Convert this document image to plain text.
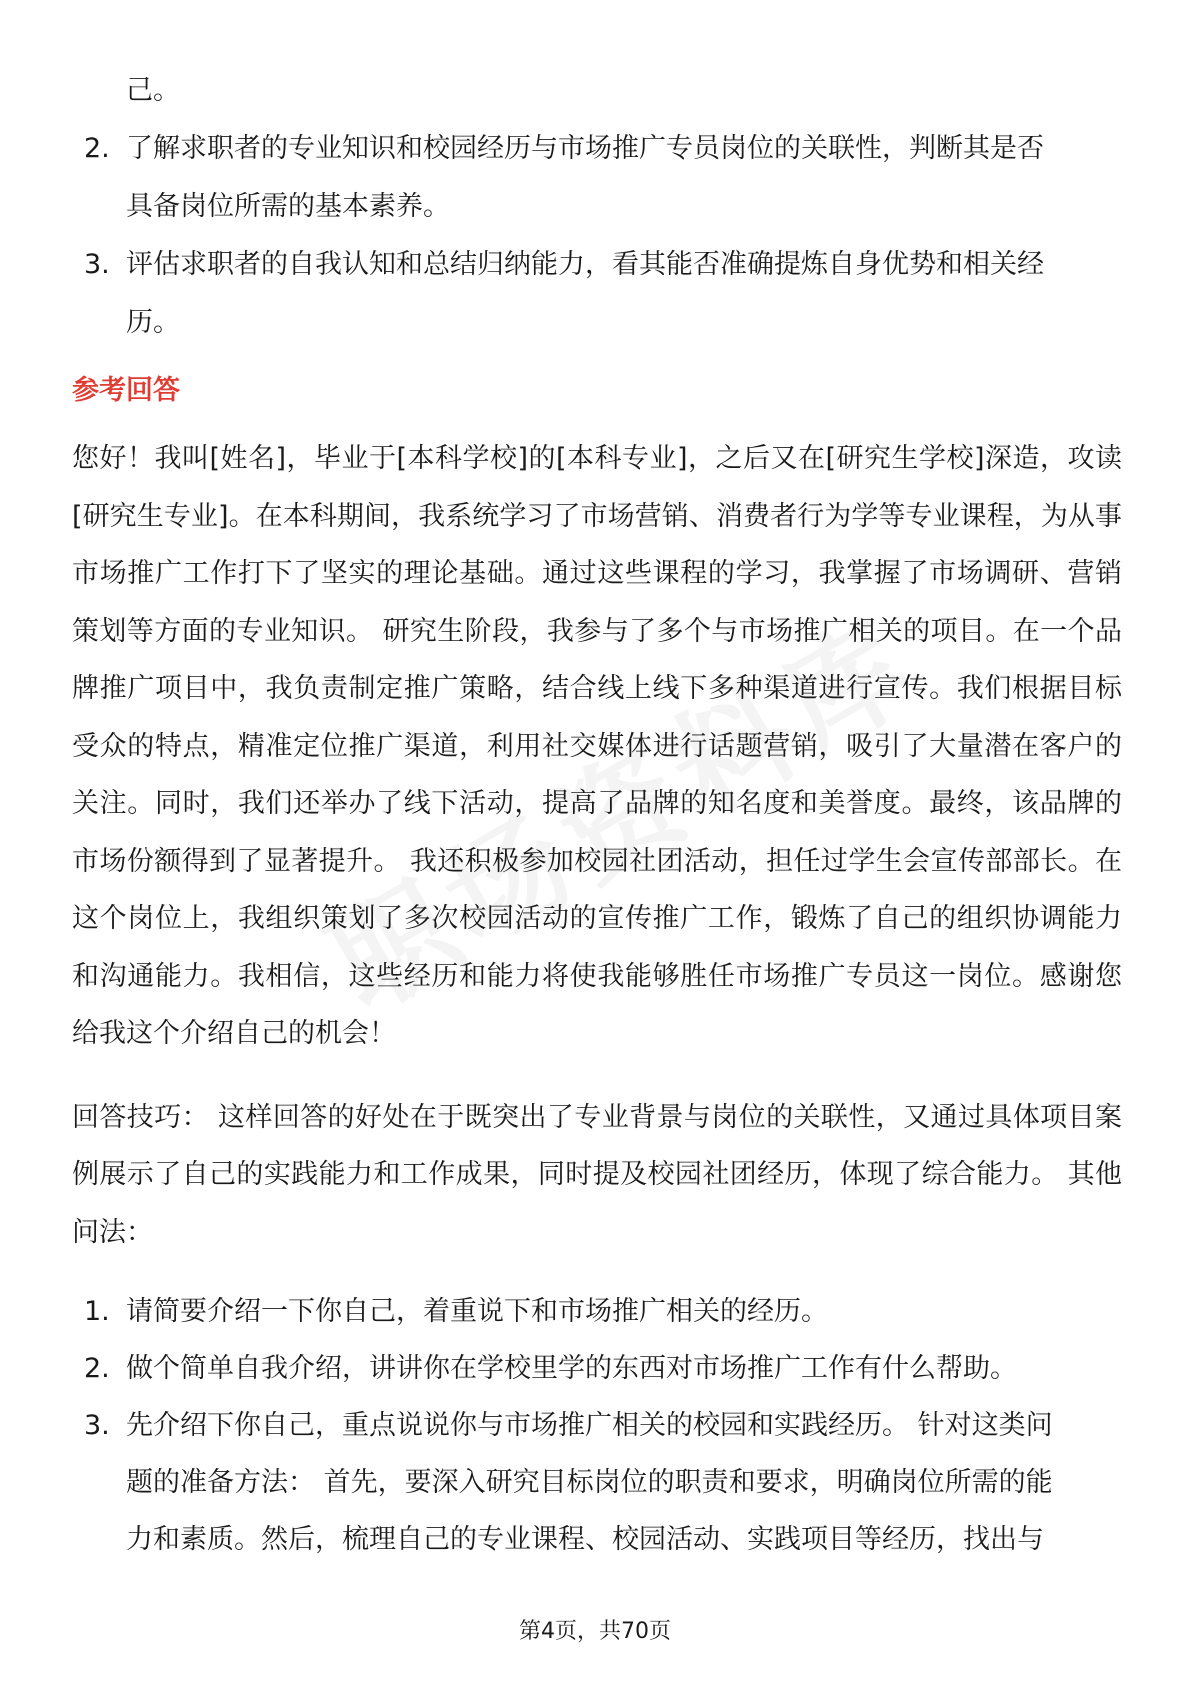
己。
2. 了解求职者的专业知识和校园经历与市场推广专员岗位的关联性，判断其是否
具备岗位所需的基本素养。
3. 评估求职者的自我认知和总结归纳能力，看其能否准确提炼自身优势和相关经
历。
参考回答

您好！我叫[姓名]，毕业于[本科学校]的[本科专业]，之后又在[研究生学校]深造，攻读[研究生专业]。在本科期间，我系统学习了市场营销、消费者行为学等专业课程，为从事市场推广工作打下了坚实的理论基础。通过这些课程的学习，我掌握了市场调研、营销策划等方面的专业知识。 研究生阶段，我参与了多个与市场推广相关的项目。在一个品牌推广项目中，我负责制定推广策略，结合线上线下多种渠道进行宣传。我们根据目标受众的特点，精准定位推广渠道，利用社交媒体进行话题营销，吸引了大量潜在客户的关注。同时，我们还举办了线下活动，提高了品牌的知名度和美誉度。最终，该品牌的市场份额得到了显著提升。 我还积极参加校园社团活动，担任过学生会宣传部部长。在这个岗位上，我组织策划了多次校园活动的宣传推广工作，锻炼了自己的组织协调能力和沟通能力。我相信，这些经历和能力将使我能够胜任市场推广专员这一岗位。感谢您给我这个介绍自己的机会！

回答技巧： 这样回答的好处在于既突出了专业背景与岗位的关联性，又通过具体项目案例展示了自己的实践能力和工作成果，同时提及校园社团经历，体现了综合能力。 其他问法：

1. 请简要介绍一下你自己，着重说下和市场推广相关的经历。
2. 做个简单自我介绍，讲讲你在学校里学的东西对市场推广工作有什么帮助。
3. 先介绍下你自己，重点说说你与市场推广相关的校园和实践经历。 针对这类问
题的准备方法： 首先，要深入研究目标岗位的职责和要求，明确岗位所需的能
力和素质。然后，梳理自己的专业课程、校园活动、实践项目等经历，找出与
第4页，共70页
